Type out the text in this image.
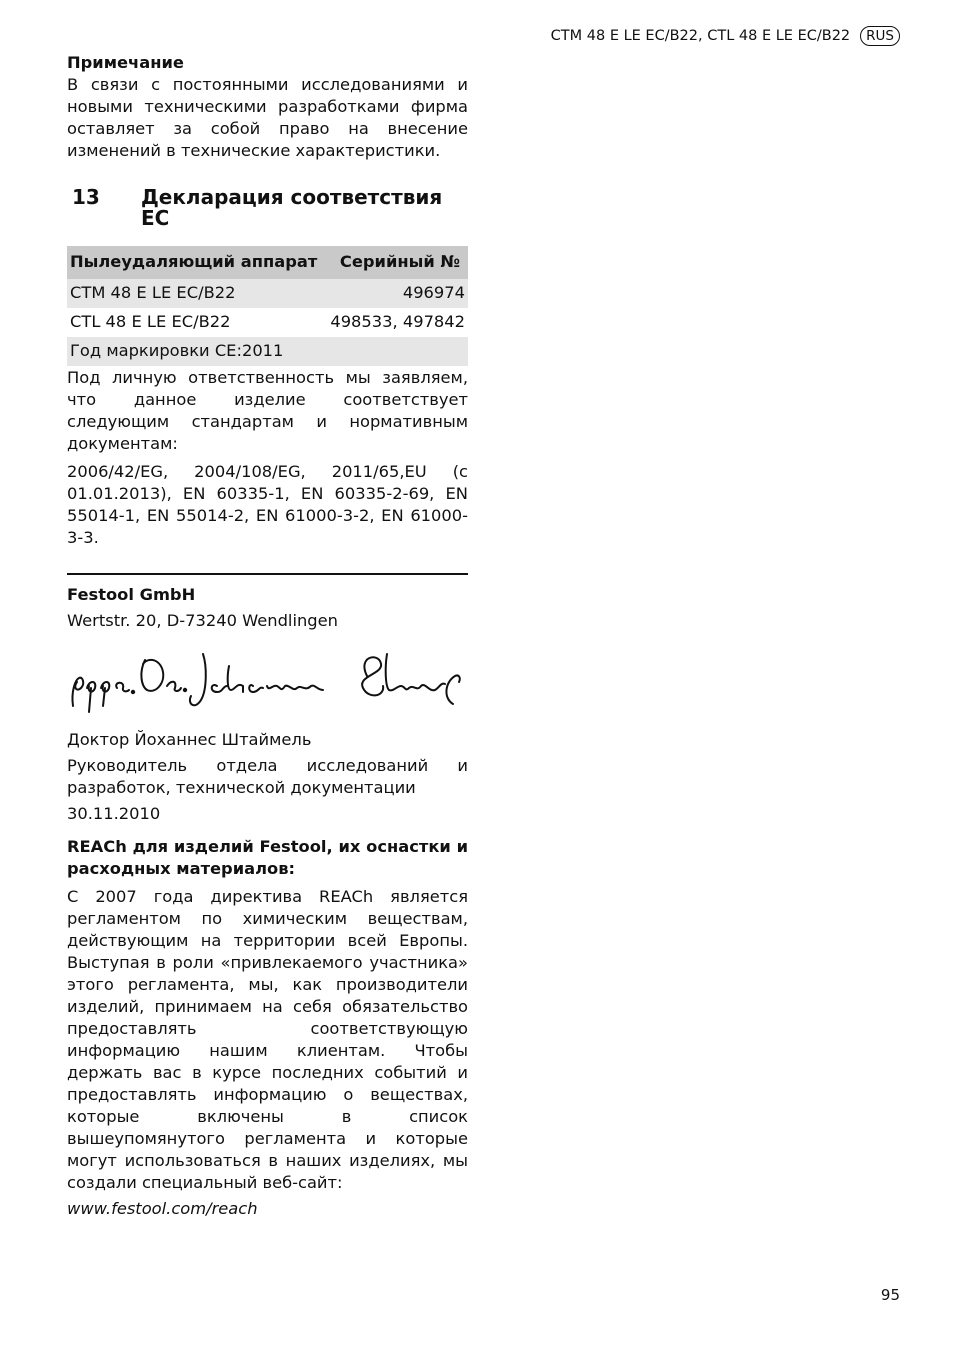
CTM 48 E LE EC/B22, CTL 48 E LE EC/B22	RUS

Примечание

В связи с постоянными исследованиями и новыми техническими разработками фирма оставляет за собой право на внесение изменений в технические характеристики.

13	Декларация соответствия ЕС
Пылеудаляющий аппарат	Серийный №
CTM 48 E LE EC/B22	496974
CTL 48 E LE EC/B22	498533, 497842
Год маркировки CE:2011	

Под личную ответственность мы заявляем, что данное изделие соответствует следующим стандартам и нормативным документам:

2006/42/EG, 2004/108/EG, 2011/65,EU (с 01.01.2013), EN 60335-1, EN 60335-2-69, EN 55014-1, EN 55014-2, EN 61000-3-2, EN 61000-3-3.

Festool GmbH

Wertstr. 20, D-73240 Wendlingen

Доктор Йоханнес Штаймель

Руководитель отдела исследований и разработок, технической документации

30.11.2010

REACh для изделий Festool, их оснастки и расходных материалов:

С 2007 года директива REACh является регламентом по химическим веществам, действующим на территории всей Европы. Выступая в роли «привлекаемого участника» этого регламента, мы, как производители изделий, принимаем на себя обязательство предоставлять соответствующую информацию нашим клиентам. Чтобы держать вас в курсе последних событий и предоставлять информацию о веществах, которые включены в список вышеупомянутого регламента и которые могут использоваться в наших изделиях, мы создали специальный веб-сайт:

www.festool.com/reach

95
